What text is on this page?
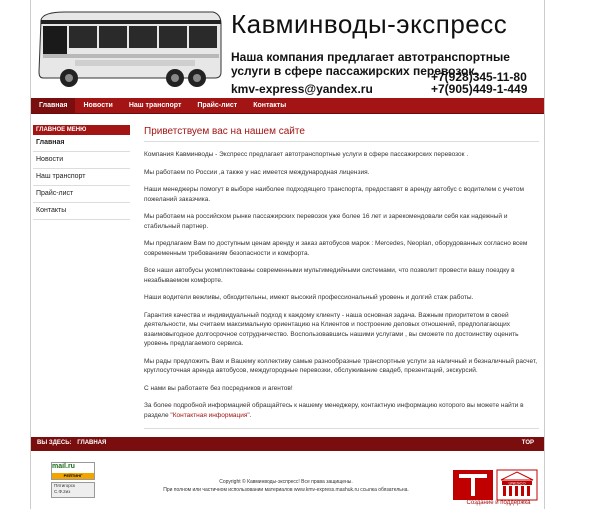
Кавминводы-экспресс
Наша компания предлагает автотранспортные услуги в сфере пассажирских перевозок.
+7(928)345-11-80
kmv-express@yandex.ru	+7(905)449-1-449
Главная	Новости	Наш транспорт	Прайс-лист	Контакты
ГЛАВНОЕ МЕНЮ
Главная
Новости
Наш транспорт
Прайс-лист
Контакты
Приветствуем вас на нашем сайте

Компания Кавминводы - Экспресс предлагает автотранспортные услуги в сфере пассажирских перевозок .

Мы работаем по России ,а также у нас имеется международная лицензия.

Наши менеджеры помогут в выборе наиболее подходящего транспорта, предоставят в аренду автобус с водителем с учетом пожеланий заказчика.

Мы работаем на российском рынке пассажирских перевозок уже более 16 лет и зарекомендовали себя как надежный и стабильный партнер.

Мы предлагаем Вам по доступным ценам аренду и заказ автобусов марок : Mercedes, Neoplan, оборудованных согласно всем современным требованиям безопасности и комфорта.

Все наши автобусы укомплектованы современными мультимедийными системами, что позволит провести вашу поездку в незабываемом комфорте.

Наши водители вежливы, обходительны, имеют высокий профессиональный уровень и долгий стаж работы.

Гарантия качества и индивидуальный подход к каждому клиенту - наша основная задача. Важным приоритетом в своей деятельности, мы считаем максимальную ориентацию на Клиентов и построение деловых отношений, предполагающих взаимовыгодное долгосрочное сотрудничество. Воспользовавшись нашими услугами , вы сможете по достоинству оценить уровень предлагаемого сервиса.

Мы рады предложить Вам и Вашему коллективу самые разнообразные транспортные услуги за наличный и безналичный расчет, круглосуточная аренда автобусов, междугородные перевозки, обслуживание свадеб, презентаций, экскурсий.

С нами вы работаете без посредников и агентов!

За более подробной информацией обращайтесь к нашему менеджеру, контактную информацию которого вы можете найти в разделе "Контактная информация".

ВЫ ЗДЕСЬ: ГЛАВНАЯ	TOP
mail.ru
РЕЙТИНГ
Пятигорск
С.Ф.2из
Copyright © Кавминводы-экспресс! Все права защищены.
При полном или частичном использовании материалов www.kmv-express.mashuk.ru ссылка обязательна.
UNESCO
Создание и поддержка
